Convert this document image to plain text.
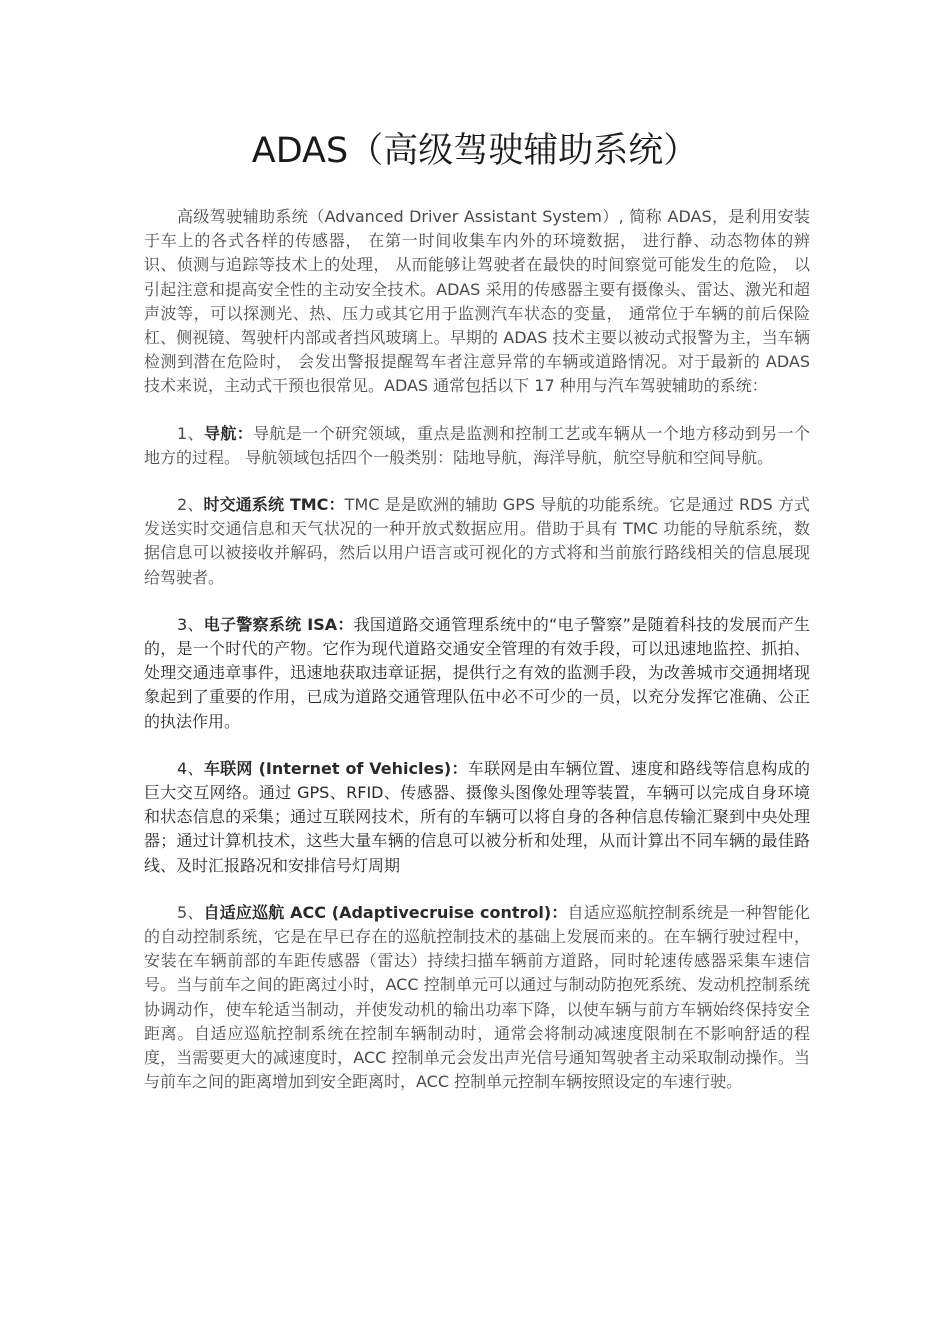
ADAS（高级驾驶辅助系统）

高级驾驶辅助系统（Advanced Driver Assistant System）, 简称 ADAS，是利用安装于车上的各式各样的传感器， 在第一时间收集车内外的环境数据， 进行静、动态物体的辨识、侦测与追踪等技术上的处理， 从而能够让驾驶者在最快的时间察觉可能发生的危险， 以引起注意和提高安全性的主动安全技术。ADAS 采用的传感器主要有摄像头、雷达、激光和超声波等，可以探测光、热、压力或其它用于监测汽车状态的变量， 通常位于车辆的前后保险杠、侧视镜、驾驶杆内部或者挡风玻璃上。早期的 ADAS 技术主要以被动式报警为主，当车辆检测到潜在危险时， 会发出警报提醒驾车者注意异常的车辆或道路情况。对于最新的 ADAS 技术来说，主动式干预也很常见。ADAS 通常包括以下 17 种用与汽车驾驶辅助的系统：

1、导航：导航是一个研究领域，重点是监测和控制工艺或车辆从一个地方移动到另一个地方的过程。 导航领域包括四个一般类别：陆地导航，海洋导航，航空导航和空间导航。

2、时交通系统 TMC：TMC 是是欧洲的辅助 GPS 导航的功能系统。它是通过 RDS 方式发送实时交通信息和天气状况的一种开放式数据应用。借助于具有 TMC 功能的导航系统，数据信息可以被接收并解码，然后以用户语言或可视化的方式将和当前旅行路线相关的信息展现给驾驶者。

3、电子警察系统 ISA：我国道路交通管理系统中的“电子警察”是随着科技的发展而产生的，是一个时代的产物。它作为现代道路交通安全管理的有效手段，可以迅速地监控、抓拍、处理交通违章事件，迅速地获取违章证据，提供行之有效的监测手段，为改善城市交通拥堵现象起到了重要的作用，已成为道路交通管理队伍中必不可少的一员，以充分发挥它准确、公正的执法作用。

4、车联网 (Internet of Vehicles)：车联网是由车辆位置、速度和路线等信息构成的巨大交互网络。通过 GPS、RFID、传感器、摄像头图像处理等装置，车辆可以完成自身环境和状态信息的采集；通过互联网技术，所有的车辆可以将自身的各种信息传输汇聚到中央处理器；通过计算机技术，这些大量车辆的信息可以被分析和处理，从而计算出不同车辆的最佳路线、及时汇报路况和安排信号灯周期

5、自适应巡航 ACC (Adaptivecruise control)：自适应巡航控制系统是一种智能化的自动控制系统，它是在早已存在的巡航控制技术的基础上发展而来的。在车辆行驶过程中，安装在车辆前部的车距传感器（雷达）持续扫描车辆前方道路，同时轮速传感器采集车速信号。当与前车之间的距离过小时，ACC 控制单元可以通过与制动防抱死系统、发动机控制系统协调动作，使车轮适当制动，并使发动机的输出功率下降，以使车辆与前方车辆始终保持安全距离。自适应巡航控制系统在控制车辆制动时，通常会将制动减速度限制在不影响舒适的程度，当需要更大的减速度时，ACC 控制单元会发出声光信号通知驾驶者主动采取制动操作。当与前车之间的距离增加到安全距离时，ACC 控制单元控制车辆按照设定的车速行驶。
